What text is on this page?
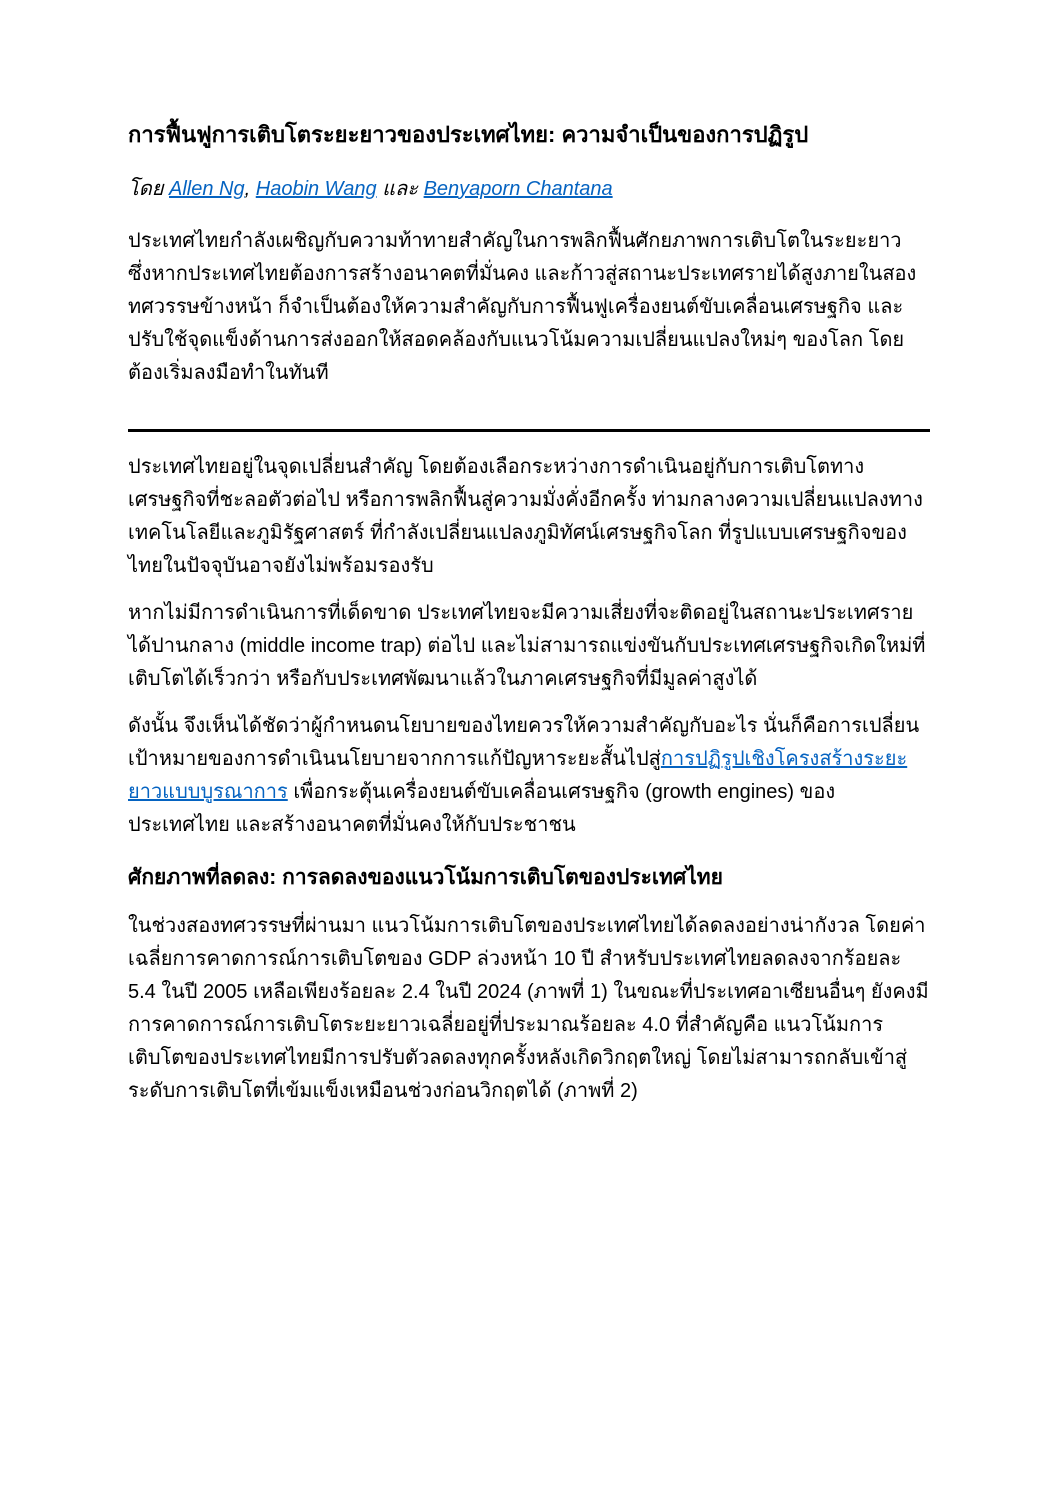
การฟื้นฟูการเติบโตระยะยาวของประเทศไทย: ความจำเป็นของการปฏิรูป

โดย Allen Ng, Haobin Wang และ Benyaporn Chantana

ประเทศไทยกำลังเผชิญกับความท้าทายสำคัญในการพลิกฟื้นศักยภาพการเติบโตในระยะยาว ซึ่งหากประเทศไทยต้องการสร้างอนาคตที่มั่นคง และก้าวสู่สถานะประเทศรายได้สูงภายในสองทศวรรษข้างหน้า ก็จำเป็นต้องให้ความสำคัญกับการฟื้นฟูเครื่องยนต์ขับเคลื่อนเศรษฐกิจ และปรับใช้จุดแข็งด้านการส่งออกให้สอดคล้องกับแนวโน้มความเปลี่ยนแปลงใหม่ๆ ของโลก โดยต้องเริ่มลงมือทำในทันที

ประเทศไทยอยู่ในจุดเปลี่ยนสำคัญ โดยต้องเลือกระหว่างการดำเนินอยู่กับการเติบโตทางเศรษฐกิจที่ชะลอตัวต่อไป หรือการพลิกฟื้นสู่ความมั่งคั่งอีกครั้ง ท่ามกลางความเปลี่ยนแปลงทางเทคโนโลยีและภูมิรัฐศาสตร์ ที่กำลังเปลี่ยนแปลงภูมิทัศน์เศรษฐกิจโลก ที่รูปแบบเศรษฐกิจของไทยในปัจจุบันอาจยังไม่พร้อมรองรับ

หากไม่มีการดำเนินการที่เด็ดขาด ประเทศไทยจะมีความเสี่ยงที่จะติดอยู่ในสถานะประเทศรายได้ปานกลาง (middle income trap) ต่อไป และไม่สามารถแข่งขันกับประเทศเศรษฐกิจเกิดใหม่ที่เติบโตได้เร็วกว่า หรือกับประเทศพัฒนาแล้วในภาคเศรษฐกิจที่มีมูลค่าสูงได้

ดังนั้น จึงเห็นได้ชัดว่าผู้กำหนดนโยบายของไทยควรให้ความสำคัญกับอะไร นั่นก็คือการเปลี่ยนเป้าหมายของการดำเนินนโยบายจากการแก้ปัญหาระยะสั้นไปสู่การปฏิรูปเชิงโครงสร้างระยะยาวแบบบูรณาการ เพื่อกระตุ้นเครื่องยนต์ขับเคลื่อนเศรษฐกิจ (growth engines) ของประเทศไทย และสร้างอนาคตที่มั่นคงให้กับประชาชน

ศักยภาพที่ลดลง: การลดลงของแนวโน้มการเติบโตของประเทศไทย

ในช่วงสองทศวรรษที่ผ่านมา แนวโน้มการเติบโตของประเทศไทยได้ลดลงอย่างน่ากังวล โดยค่าเฉลี่ยการคาดการณ์การเติบโตของ GDP ล่วงหน้า 10 ปี สำหรับประเทศไทยลดลงจากร้อยละ 5.4 ในปี 2005 เหลือเพียงร้อยละ 2.4 ในปี 2024 (ภาพที่ 1) ในขณะที่ประเทศอาเซียนอื่นๆ ยังคงมีการคาดการณ์การเติบโตระยะยาวเฉลี่ยอยู่ที่ประมาณร้อยละ 4.0 ที่สำคัญคือ แนวโน้มการเติบโตของประเทศไทยมีการปรับตัวลดลงทุกครั้งหลังเกิดวิกฤตใหญ่ โดยไม่สามารถกลับเข้าสู่ระดับการเติบโตที่เข้มแข็งเหมือนช่วงก่อนวิกฤตได้ (ภาพที่ 2)
